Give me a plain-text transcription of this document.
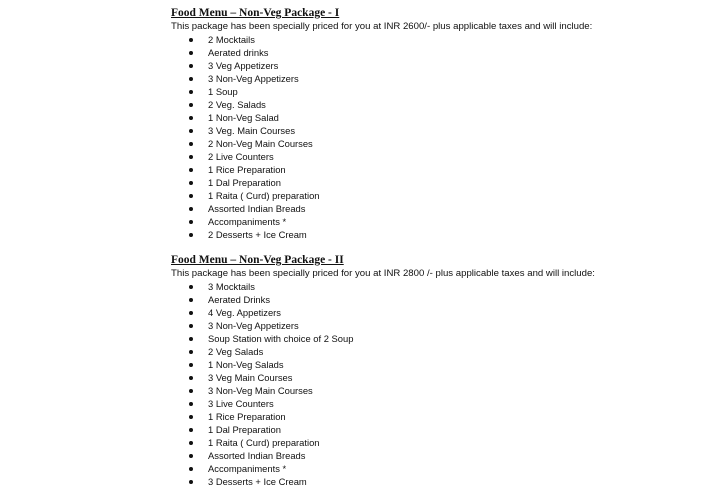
Food Menu – Non-Veg Package - I

This package has been specially priced for you at INR 2600/- plus applicable taxes and will include:

2 Mocktails
Aerated drinks
3 Veg Appetizers
3 Non-Veg Appetizers
1 Soup
2 Veg. Salads
1 Non-Veg Salad
3 Veg. Main Courses
2 Non-Veg Main Courses
2 Live Counters
1 Rice Preparation
1 Dal Preparation
1 Raita ( Curd) preparation
Assorted Indian Breads
Accompaniments *
2 Desserts + Ice Cream

Food Menu – Non-Veg Package - II

This package has been specially priced for you at INR 2800 /- plus applicable taxes and will include:

3 Mocktails
Aerated Drinks
4 Veg. Appetizers
3 Non-Veg Appetizers
Soup Station with choice of 2 Soup
2 Veg Salads
1 Non-Veg Salads
3 Veg Main Courses
3 Non-Veg Main Courses
3 Live Counters
1 Rice Preparation
1 Dal Preparation
1 Raita ( Curd) preparation
Assorted Indian Breads
Accompaniments *
3 Desserts + Ice Cream
